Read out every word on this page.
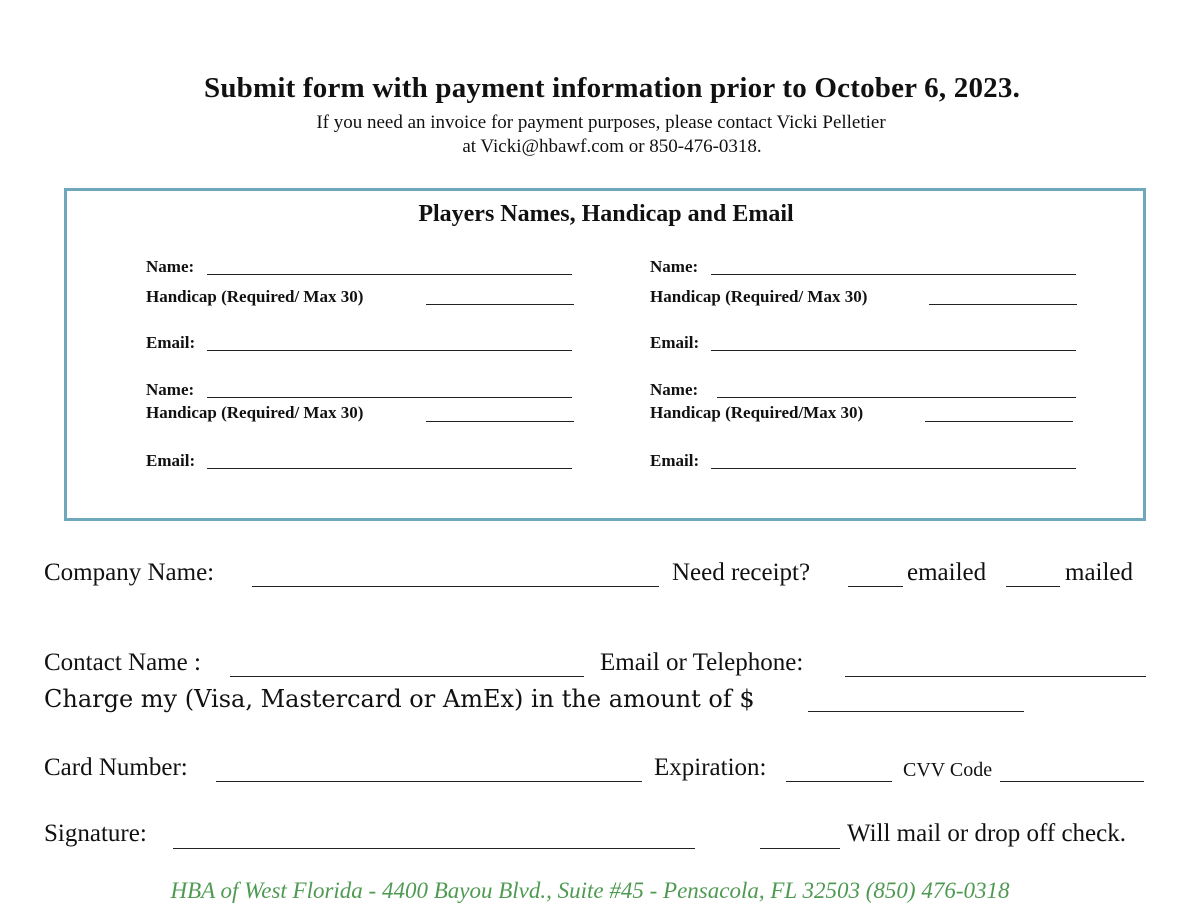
Submit form with payment information prior to October 6, 2023.
If you need an invoice for payment purposes, please contact Vicki Pelletier
at Vicki@hbawf.com or 850-476-0318.
Players Names, Handicap and Email
Name:
Handicap (Required/ Max 30)
Email:
Name:
Handicap (Required/ Max 30)
Email:
Name:
Handicap (Required/ Max 30)
Email:
Name:
Handicap (Required/Max 30)
Email:
Company Name:	Need receipt?	emailed	mailed
Contact Name :	Email or Telephone:
Charge my (Visa, Mastercard or AmEx) in the amount of $
Card Number:	Expiration:	CVV Code
Signature:	Will mail or drop off check.
HBA of West Florida - 4400 Bayou Blvd., Suite #45 - Pensacola, FL 32503 (850) 476-0318
